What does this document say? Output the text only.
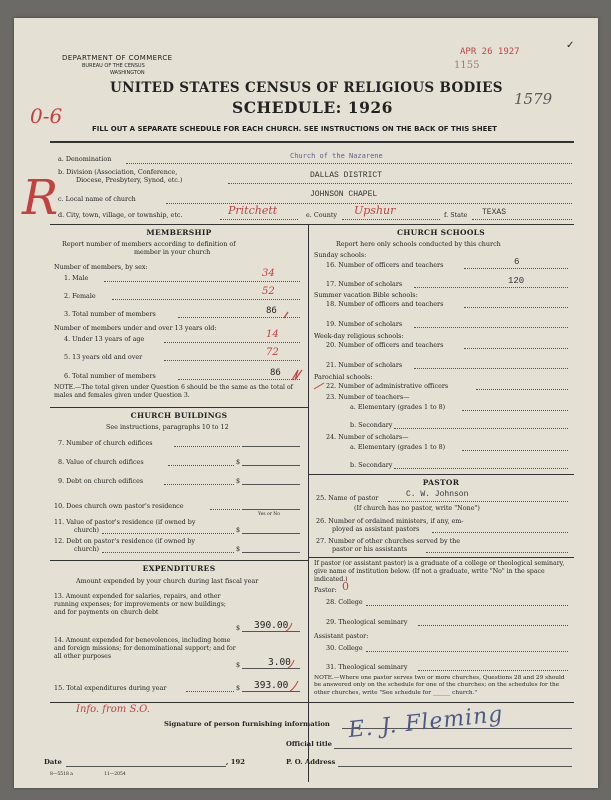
DEPARTMENT OF COMMERCE
BUREAU OF THE CENSUS
WASHINGTON
UNITED STATES CENSUS OF RELIGIOUS BODIES
SCHEDULE: 1926
FILL OUT A SEPARATE SCHEDULE FOR EACH CHURCH. SEE INSTRUCTIONS ON THE BACK OF THIS SHEET
APR 26 1927
1155
1579
0-6
R
✓
a. Denomination	Church of the Nazarene
b. Division (Association, Conference,
Diocese, Presbytery, Synod, etc.)	DALLAS DISTRICT
c. Local name of church	JOHNSON CHAPEL
d. City, town, village, or township, etc.	Pritchett	e. County Upshur	f. State TEXAS
MEMBERSHIP
Report number of members according to definition of
member in your church
Number of members, by sex:
1. Male	34
2. Female	52
3. Total number of members	86
Number of members under and over 13 years old:
4. Under 13 years of age	14
5. 13 years old and over	72
6. Total number of members	86
NOTE.—The total given under Question 6 should be the same as the total of males and females given under Question 3.
CHURCH BUILDINGS
See instructions, paragraphs 10 to 12
7. Number of church edifices
8. Value of church edifices	$
9. Debt on church edifices	$
10. Does church own pastor's residence
Yes or No
11. Value of pastor's residence (if owned by
church)	$
12. Debt on pastor's residence (if owned by
church)	$
EXPENDITURES
Amount expended by your church during last fiscal year
13. Amount expended for salaries, repairs, and other running expenses; for improvements or new buildings; and for payments on church debt
$ 390.00
14. Amount expended for benevolences, including home and foreign missions; for denominational support; and for all other purposes
$	3.00
15. Total expenditures during year	$ 393.00
CHURCH SCHOOLS
Report here only schools conducted by this church
Sunday schools:
16. Number of officers and teachers	6
17. Number of scholars	120
Summer vacation Bible schools:
18. Number of officers and teachers
19. Number of scholars
Week-day religious schools:
20. Number of officers and teachers
21. Number of scholars
Parochial schools:
22. Number of administrative officers
23. Number of teachers—
a. Elementary (grades 1 to 8)
b. Secondary
24. Number of scholars—
a. Elementary (grades 1 to 8)
b. Secondary
PASTOR
25. Name of pastor	C. W. Johnson
(If church has no pastor, write "None")
26. Number of ordained ministers, if any, em-
ployed as assistant pastors
27. Number of other churches served by the
pastor or his assistants
If pastor (or assistant pastor) is a graduate of a college or theological seminary, give name of institution below. (If not a graduate, write "No" in the space indicated.)
Pastor: 0
28. College
29. Theological seminary
Assistant pastor:
30. College
31. Theological seminary
NOTE.—Where one pastor serves two or more churches, Questions 28 and 29 should be answered only on the schedule for one of the churches; on the schedules for the other churches, write "See schedule for ______ church."
Info. from S.O.
Signature of person furnishing information E. J. Fleming
Official title
Date	, 192	P. O. Address
8—5518 a	11—2054
